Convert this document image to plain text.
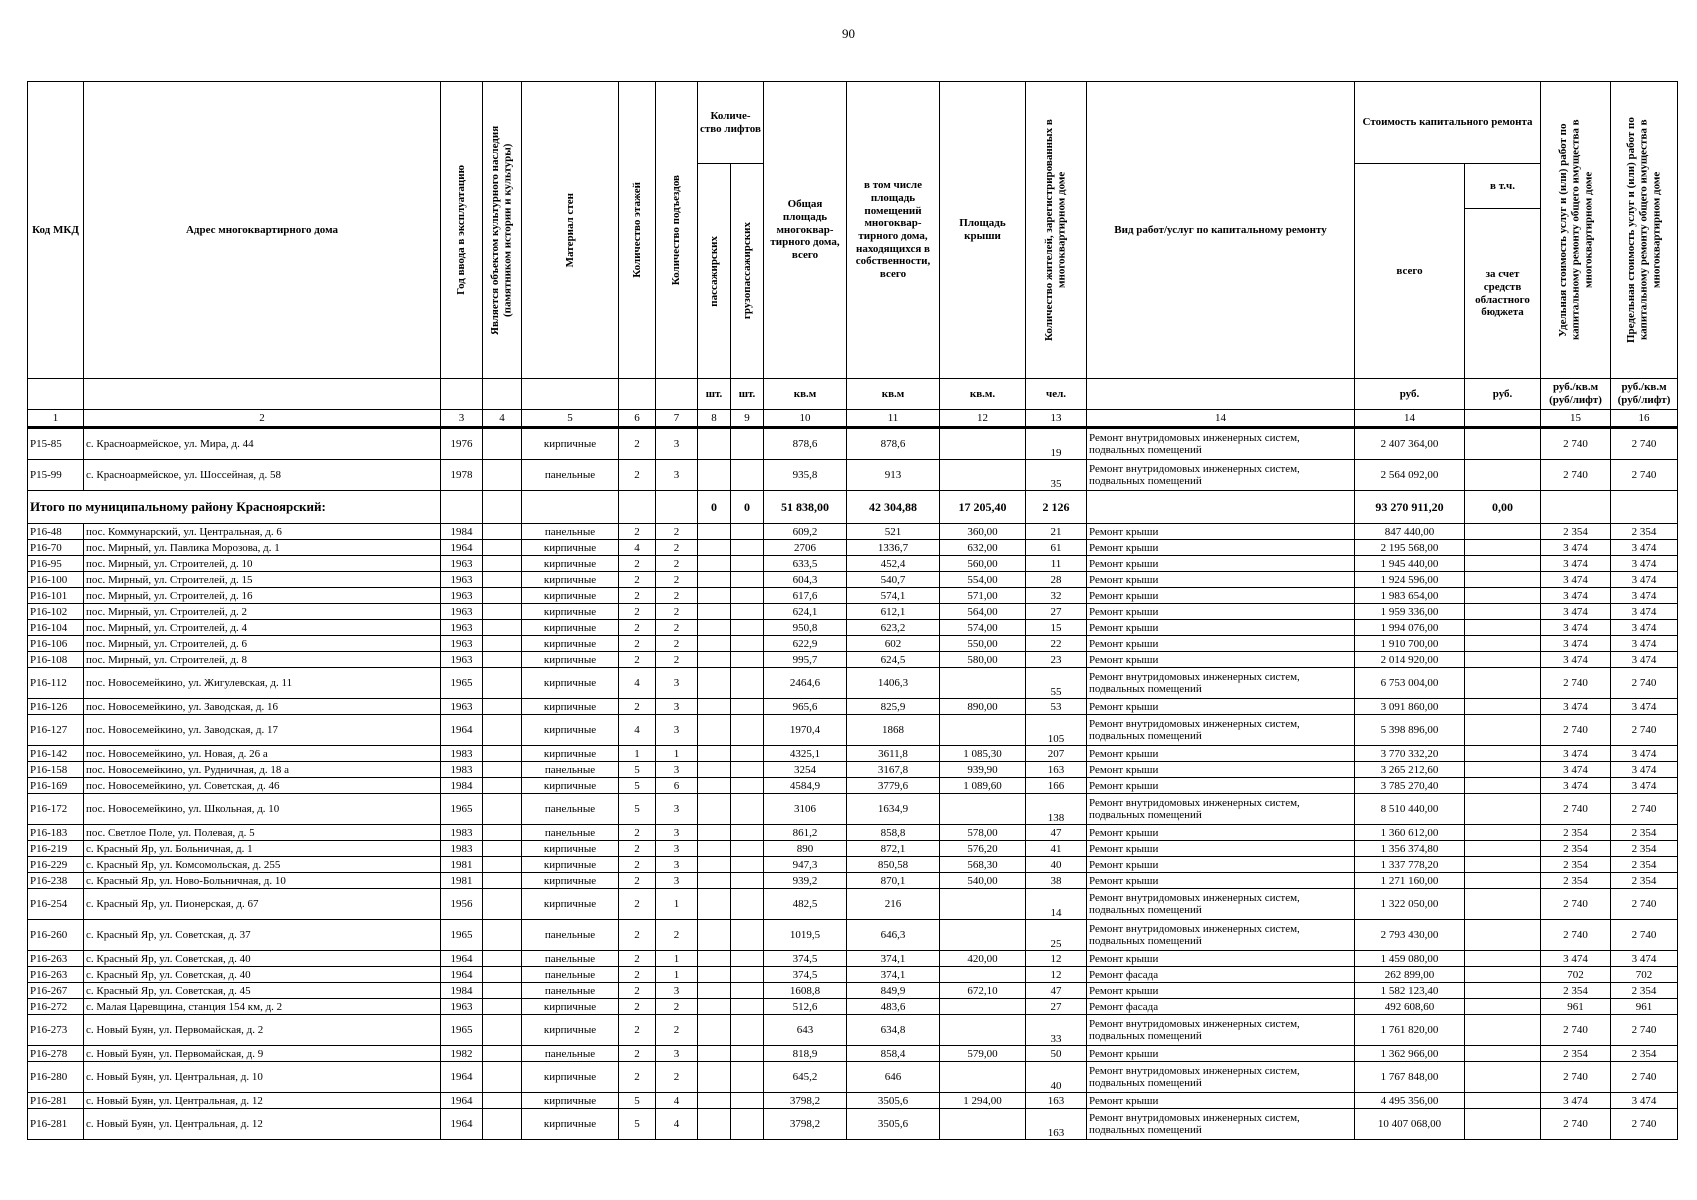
90
Код МКД	Адрес многоквартирного дома	Год ввода в эксплуатацию	Является объектом культурного наследия (памятником истории и культуры)	Материал стен	Количество этажей	Количество подъездов	Количе-ство лифтов		Общая площадь многоквар-тирного дома, всего	в том числе площадь помещений многоквар-тирного дома, находящихся в собственности, всего	Площадь крыши	Количество жителей, зарегистрированных в многоквартирном доме	Вид работ/услуг по капитальному ремонту	Стоимость капитального ремонта		Удельная стоимость услуг и (или) работ по капитальному ремонту общего имущества в многоквартирном доме	Предельная стоимость услуг и (или) работ по капитальному ремонту общего имущества в многоквартирном доме

							пассажирских	грузопассажирских						всего	в т.ч.		
															за счет средств областного бюджета		
							шт.	шт.	кв.м	кв.м	кв.м.	чел.		руб.	руб.	руб./кв.м (руб/лифт)	руб./кв.м (руб/лифт)
1	2	3	4	5	6	7	8	9	10	11	12	13	14	14		15	16
Р15-85	с. Красноармейское, ул. Мира, д. 44	1976		кирпичные	2	3			878,6	878,6		19	Ремонт внутридомовых инженерных систем, подвальных помещений	2 407 364,00		2 740	2 740
Р15-99	с. Красноармейское, ул. Шоссейная, д. 58	1978		панельные	2	3			935,8	913		35	Ремонт внутридомовых инженерных систем, подвальных помещений	2 564 092,00		2 740	2 740
Итого по муниципальному району Красноярский:							0	0	51 838,00	42 304,88	17 205,40	2 126		93 270 911,20	0,00		
Р16-48	пос. Коммунарский, ул. Центральная, д. 6	1984		панельные	2	2			609,2	521	360,00	21	Ремонт крыши	847 440,00		2 354	2 354
Р16-70	пос. Мирный, ул. Павлика Морозова, д. 1	1964		кирпичные	4	2			2706	1336,7	632,00	61	Ремонт крыши	2 195 568,00		3 474	3 474
Р16-95	пос. Мирный, ул. Строителей, д. 10	1963		кирпичные	2	2			633,5	452,4	560,00	11	Ремонт крыши	1 945 440,00		3 474	3 474
Р16-100	пос. Мирный, ул. Строителей, д. 15	1963		кирпичные	2	2			604,3	540,7	554,00	28	Ремонт крыши	1 924 596,00		3 474	3 474
Р16-101	пос. Мирный, ул. Строителей, д. 16	1963		кирпичные	2	2			617,6	574,1	571,00	32	Ремонт крыши	1 983 654,00		3 474	3 474
Р16-102	пос. Мирный, ул. Строителей, д. 2	1963		кирпичные	2	2			624,1	612,1	564,00	27	Ремонт крыши	1 959 336,00		3 474	3 474
Р16-104	пос. Мирный, ул. Строителей, д. 4	1963		кирпичные	2	2			950,8	623,2	574,00	15	Ремонт крыши	1 994 076,00		3 474	3 474
Р16-106	пос. Мирный, ул. Строителей, д. 6	1963		кирпичные	2	2			622,9	602	550,00	22	Ремонт крыши	1 910 700,00		3 474	3 474
Р16-108	пос. Мирный, ул. Строителей, д. 8	1963		кирпичные	2	2			995,7	624,5	580,00	23	Ремонт крыши	2 014 920,00		3 474	3 474
Р16-112	пос. Новосемейкино, ул. Жигулевская, д. 11	1965		кирпичные	4	3			2464,6	1406,3		55	Ремонт внутридомовых инженерных систем, подвальных помещений	6 753 004,00		2 740	2 740
Р16-126	пос. Новосемейкино, ул. Заводская, д. 16	1963		кирпичные	2	3			965,6	825,9	890,00	53	Ремонт крыши	3 091 860,00		3 474	3 474
Р16-127	пос. Новосемейкино, ул. Заводская, д. 17	1964		кирпичные	4	3			1970,4	1868		105	Ремонт внутридомовых инженерных систем, подвальных помещений	5 398 896,00		2 740	2 740
Р16-142	пос. Новосемейкино, ул. Новая, д. 26 а	1983		кирпичные	1	1			4325,1	3611,8	1 085,30	207	Ремонт крыши	3 770 332,20		3 474	3 474
Р16-158	пос. Новосемейкино, ул. Рудничная, д. 18 а	1983		панельные	5	3			3254	3167,8	939,90	163	Ремонт крыши	3 265 212,60		3 474	3 474
Р16-169	пос. Новосемейкино, ул. Советская, д. 46	1984		кирпичные	5	6			4584,9	3779,6	1 089,60	166	Ремонт крыши	3 785 270,40		3 474	3 474
Р16-172	пос. Новосемейкино, ул. Школьная, д. 10	1965		панельные	5	3			3106	1634,9		138	Ремонт внутридомовых инженерных систем, подвальных помещений	8 510 440,00		2 740	2 740
Р16-183	пос. Светлое Поле, ул. Полевая, д. 5	1983		панельные	2	3			861,2	858,8	578,00	47	Ремонт крыши	1 360 612,00		2 354	2 354
Р16-219	с. Красный Яр, ул. Больничная, д. 1	1983		кирпичные	2	3			890	872,1	576,20	41	Ремонт крыши	1 356 374,80		2 354	2 354
Р16-229	с. Красный Яр, ул. Комсомольская, д. 255	1981		кирпичные	2	3			947,3	850,58	568,30	40	Ремонт крыши	1 337 778,20		2 354	2 354
Р16-238	с. Красный Яр, ул. Ново-Больничная, д. 10	1981		кирпичные	2	3			939,2	870,1	540,00	38	Ремонт крыши	1 271 160,00		2 354	2 354
Р16-254	с. Красный Яр, ул. Пионерская, д. 67	1956		кирпичные	2	1			482,5	216		14	Ремонт внутридомовых инженерных систем, подвальных помещений	1 322 050,00		2 740	2 740
Р16-260	с. Красный Яр, ул. Советская, д. 37	1965		панельные	2	2			1019,5	646,3		25	Ремонт внутридомовых инженерных систем, подвальных помещений	2 793 430,00		2 740	2 740
Р16-263	с. Красный Яр, ул. Советская, д. 40	1964		панельные	2	1			374,5	374,1	420,00	12	Ремонт крыши	1 459 080,00		3 474	3 474
Р16-263	с. Красный Яр, ул. Советская, д. 40	1964		панельные	2	1			374,5	374,1		12	Ремонт фасада	262 899,00		702	702
Р16-267	с. Красный Яр, ул. Советская, д. 45	1984		панельные	2	3			1608,8	849,9	672,10	47	Ремонт крыши	1 582 123,40		2 354	2 354
Р16-272	с. Малая Царевщина, станция 154 км, д. 2	1963		кирпичные	2	2			512,6	483,6		27	Ремонт фасада	492 608,60		961	961
Р16-273	с. Новый Буян, ул. Первомайская, д. 2	1965		кирпичные	2	2			643	634,8		33	Ремонт внутридомовых инженерных систем, подвальных помещений	1 761 820,00		2 740	2 740
Р16-278	с. Новый Буян, ул. Первомайская, д. 9	1982		панельные	2	3			818,9	858,4	579,00	50	Ремонт крыши	1 362 966,00		2 354	2 354
Р16-280	с. Новый Буян, ул. Центральная, д. 10	1964		кирпичные	2	2			645,2	646		40	Ремонт внутридомовых инженерных систем, подвальных помещений	1 767 848,00		2 740	2 740
Р16-281	с. Новый Буян, ул. Центральная, д. 12	1964		кирпичные	5	4			3798,2	3505,6	1 294,00	163	Ремонт крыши	4 495 356,00		3 474	3 474
Р16-281	с. Новый Буян, ул. Центральная, д. 12	1964		кирпичные	5	4			3798,2	3505,6		163	Ремонт внутридомовых инженерных систем, подвальных помещений	10 407 068,00		2 740	2 740
